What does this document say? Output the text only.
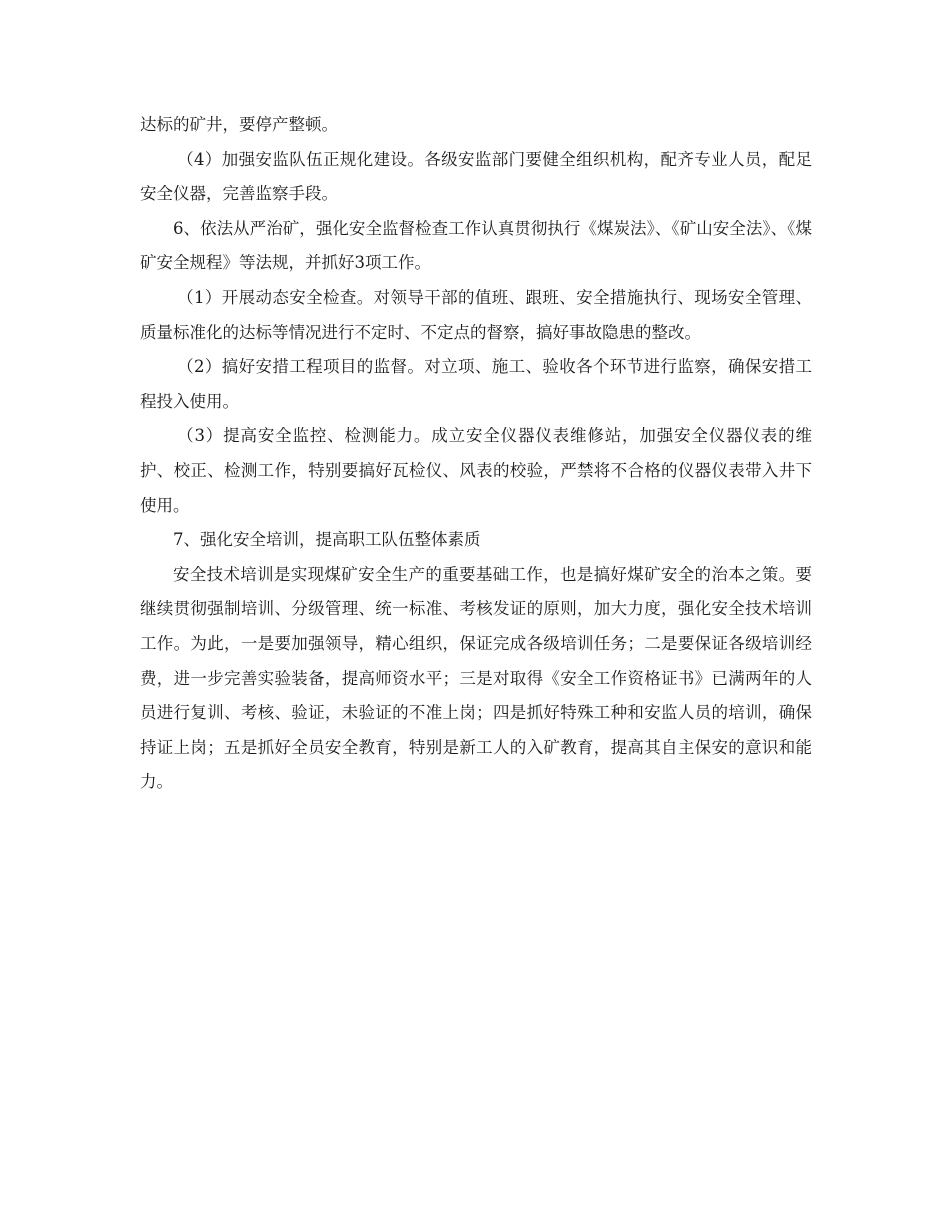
达标的矿井，要停产整顿。

（4）加强安监队伍正规化建设。各级安监部门要健全组织机构，配齐专业人员，配足安全仪器，完善监察手段。

6、依法从严治矿，强化安全监督检查工作认真贯彻执行《煤炭法》、《矿山安全法》、《煤矿安全规程》等法规，并抓好3项工作。

（1）开展动态安全检查。对领导干部的值班、跟班、安全措施执行、现场安全管理、质量标准化的达标等情况进行不定时、不定点的督察，搞好事故隐患的整改。

（2）搞好安措工程项目的监督。对立项、施工、验收各个环节进行监察，确保安措工程投入使用。

（3）提高安全监控、检测能力。成立安全仪器仪表维修站，加强安全仪器仪表的维护、校正、检测工作，特别要搞好瓦检仪、风表的校验，严禁将不合格的仪器仪表带入井下使用。

7、强化安全培训，提高职工队伍整体素质

安全技术培训是实现煤矿安全生产的重要基础工作，也是搞好煤矿安全的治本之策。要继续贯彻强制培训、分级管理、统一标准、考核发证的原则，加大力度，强化安全技术培训工作。为此，一是要加强领导，精心组织，保证完成各级培训任务；二是要保证各级培训经费，进一步完善实验装备，提高师资水平；三是对取得《安全工作资格证书》已满两年的人员进行复训、考核、验证，未验证的不准上岗；四是抓好特殊工种和安监人员的培训，确保持证上岗；五是抓好全员安全教育，特别是新工人的入矿教育，提高其自主保安的意识和能力。
